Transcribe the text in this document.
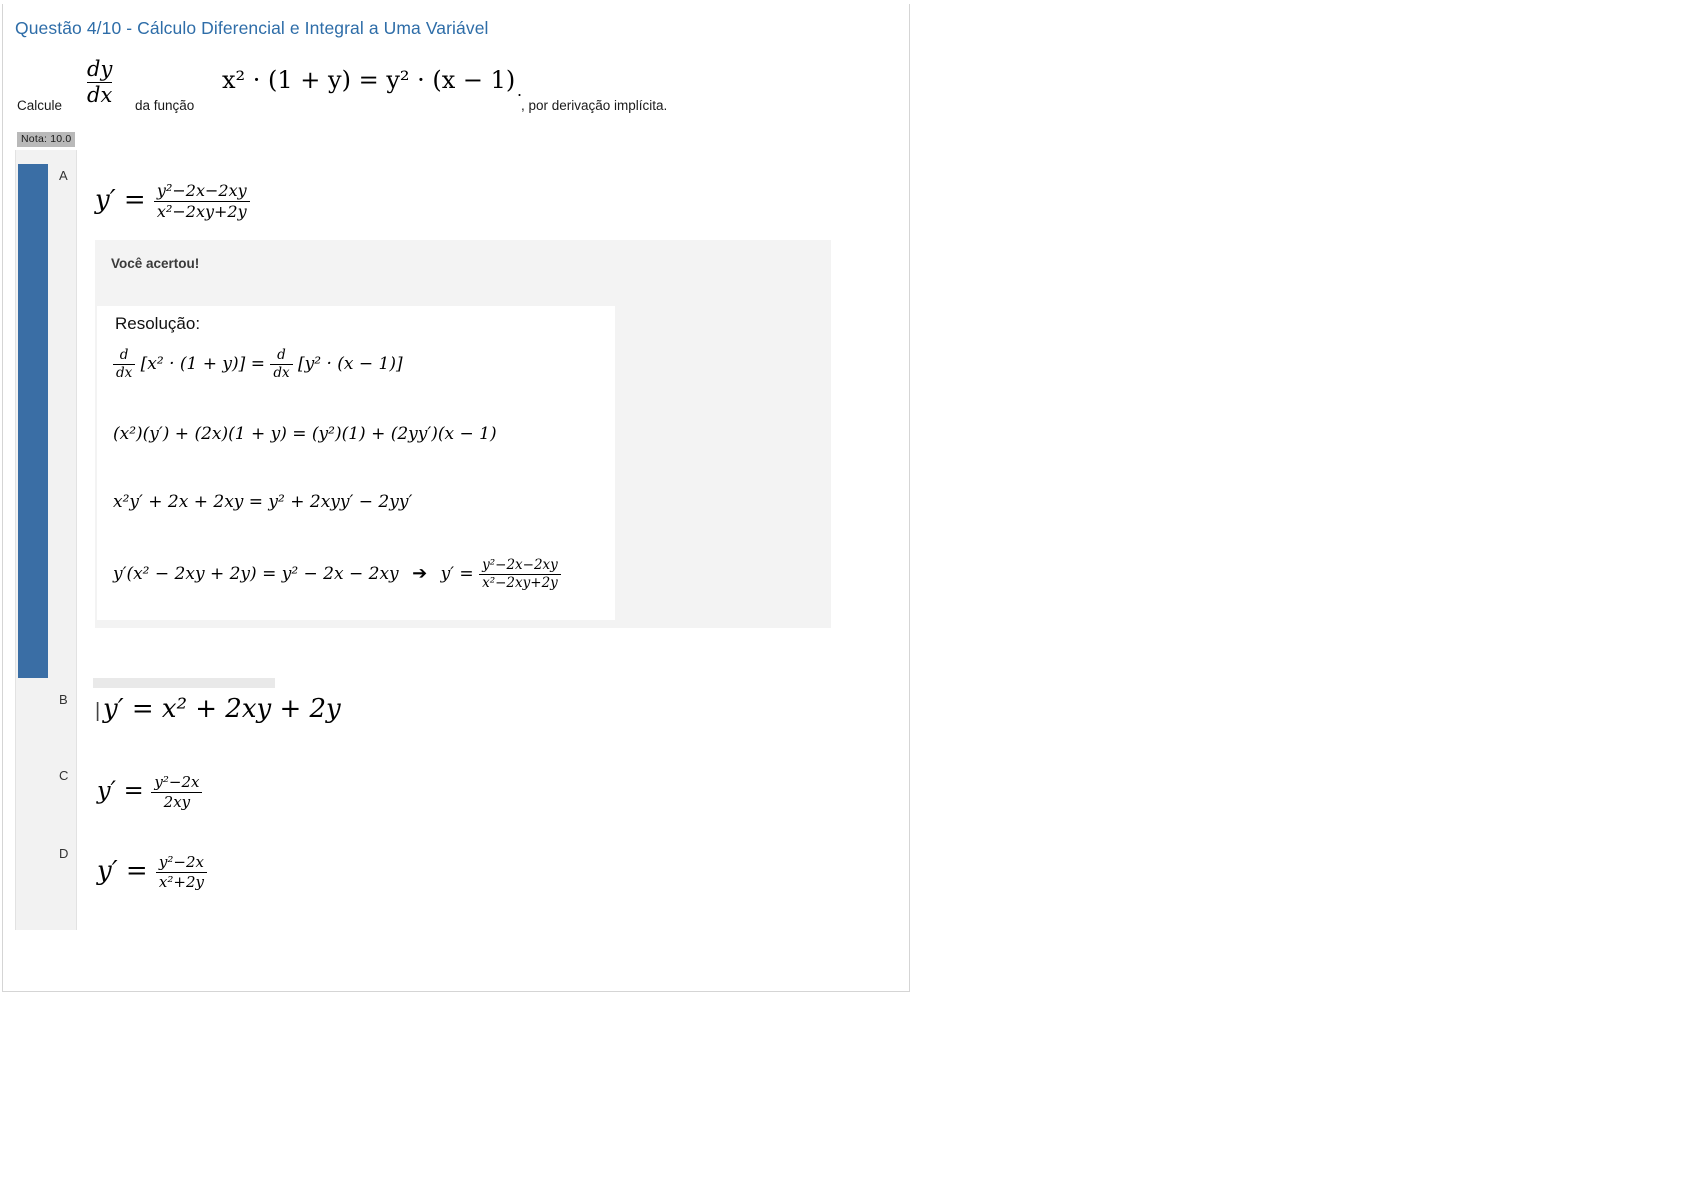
Questão 4/10 - Cálculo Diferencial e Integral a Uma Variável
Calcule
dy
dx da função
x² · (1 + y) = y² · (x − 1) .
, por derivação implícita.
Nota: 10.0
A
$y' = \frac{\text{y²−2x−2xy}}{\text{x²−2xy+2y}}$
Você acertou!
Resolução:
$\frac{d}{dx} [x^2 \cdot (1 + y)] = \frac{d}{dx} [y^2 \cdot (x - 1)]$
(x²)(y′) + (2x)(1 + y) = (y²)(1) + (2yy′)(x − 1)
x²y′ + 2x + 2xy = y² + 2xyy′ − 2yy′
y′(x² − 2xy + 2y) = y² − 2x − 2xy ➔ $y' = \frac{\text{y²−2x−2xy}}{\text{x²−2xy+2y}}$
B
| y′ = x² + 2xy + 2y
C
$y' = \frac{\text{y²−2x}}{2xy}$
D
$y' = \frac{\text{y²−2x}}{\text{x²+2y}}$
